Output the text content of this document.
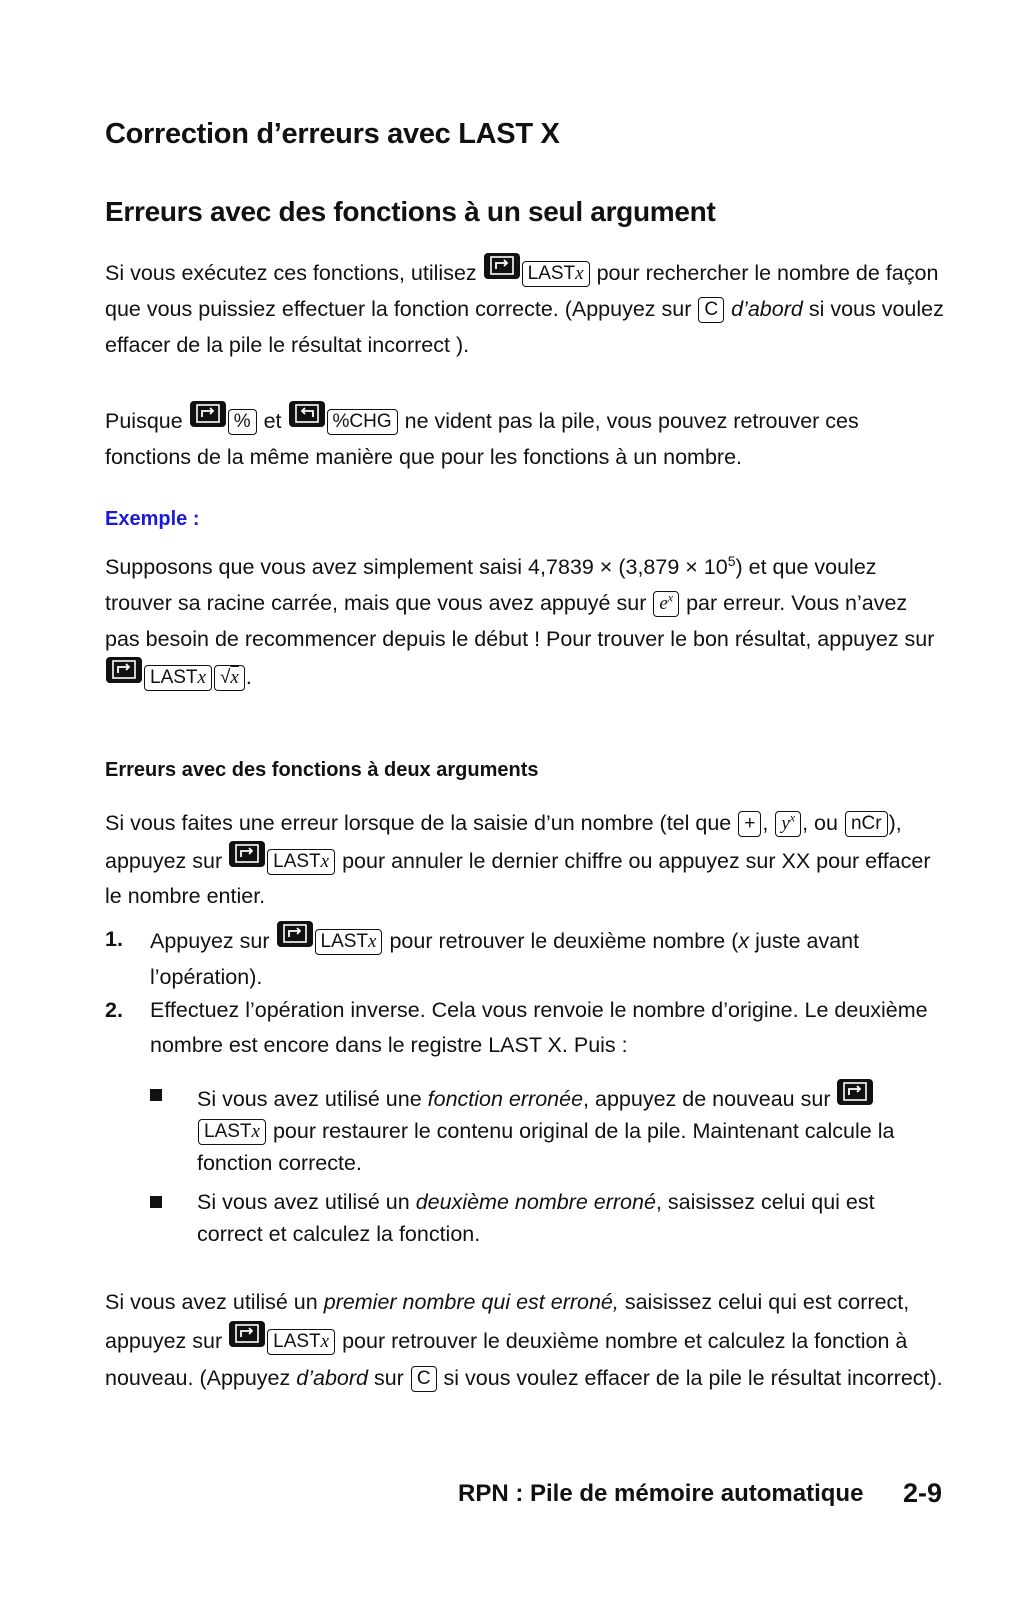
Correction d’erreurs avec LAST X
Erreurs avec des fonctions à un seul argument
Si vous exécutez ces fonctions, utilisez	LASTx pour rechercher le nombre de façon que vous puissiez effectuer la fonction correcte. (Appuyez sur C d’abord si vous voulez effacer de la pile le résultat incorrect ).
Puisque	% et	%CHG ne vident pas la pile, vous pouvez retrouver ces fonctions de la même manière que pour les fonctions à un nombre.
Exemple :
Supposons que vous avez simplement saisi $4,7839 \times (3,879 \times 10^5)$ et que voulez trouver sa racine carrée, mais que vous avez appuyé sur $e^x$ par erreur. Vous n’avez pas besoin de recommencer depuis le début ! Pour trouver le bon résultat, appuyez sur
LASTx √x .
Erreurs avec des fonctions à deux arguments
Si vous faites une erreur lorsque de la saisie d’un nombre (tel que + , $y^x$ , ou nCr ), appuyez sur	LASTx pour annuler le dernier chiffre ou appuyez sur XX pour effacer le nombre entier.
1. Appuyez sur	LASTx pour retrouver le deuxième nombre (x juste avant l’opération).
2. Effectuez l’opération inverse. Cela vous renvoie le nombre d’origine. Le deuxième nombre est encore dans le registre LAST X. Puis :
Si vous avez utilisé une fonction erronée, appuyez de nouveau sur
LASTx pour restaurer le contenu original de la pile. Maintenant calcule la fonction correcte.
Si vous avez utilisé un deuxième nombre erroné, saisissez celui qui est correct et calculez la fonction.
Si vous avez utilisé un premier nombre qui est erroné, saisissez celui qui est correct, appuyez sur	LASTx pour retrouver le deuxième nombre et calculez la fonction à nouveau. (Appuyez d’abord sur C si vous voulez effacer de la pile le résultat incorrect).
RPN : Pile de mémoire automatique 2-9
